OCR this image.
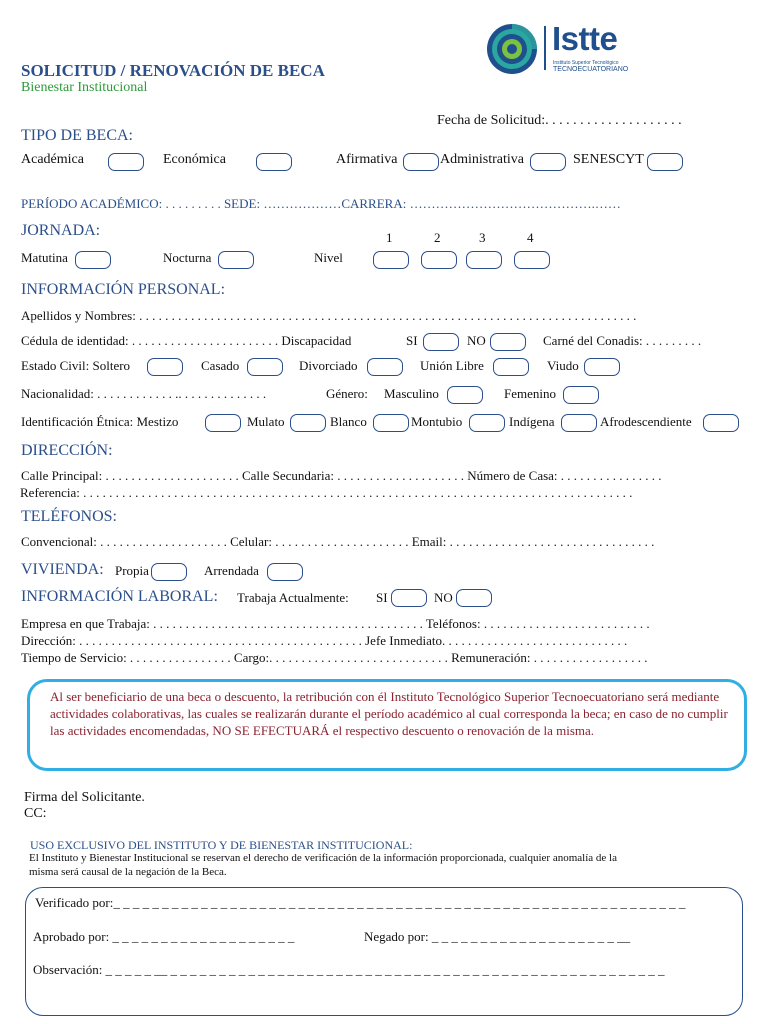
SOLICITUD / RENOVACIÓN DE BECA
Bienestar Institucional
Istte
Instituto Superior Tecnológico
TECNOECUATORIANO
Fecha de Solicitud:. . . . . . . . . . . . . . . . . . . .
TIPO DE BECA:
Académica	Económica	Afirmativa	Administrativa	SENESCYT
PERÍODO ACADÉMICO: . . . . . . . . . SEDE: ………………CARRERA: …………………………………….……
JORNADA:	1	2	3	4
Matutina	Nocturna	Nivel
INFORMACIÓN PERSONAL:
Apellidos y Nombres: . . . . . . . . . . . . . . . . . . . . . . . . . . . . . . . . . . . . . . . . . . . . . . . . . . . . . . . . . . . . . . . . . . . . . . . . . . . . .
Cédula de identidad: . . . . . . . . . . . . . . . . . . . . . . . Discapacidad	SI	NO	Carné del Conadis: . . . . . . . . .
Estado Civil: Soltero	Casado	Divorciado	Unión Libre	Viudo
Nacionalidad: . . . . . . . . . . . . .. . . . . . . . . . . . . .	Género: Masculino	Femenino
Identificación Étnica: Mestizo	Mulato	Blanco	Montubio	Indígena	Afrodescendiente
DIRECCIÓN:
Calle Principal: . . . . . . . . . . . . . . . . . . . . . Calle Secundaria: . . . . . . . . . . . . . . . . . . . . Número de Casa: . . . . . . . . . . . . . . . .
Referencia: . . . . . . . . . . . . . . . . . . . . . . . . . . . . . . . . . . . . . . . . . . . . . . . . . . . . . . . . . . . . . . . . . . . . . . . . . . . . . . . . . . . . .
TELÉFONOS:
Convencional: . . . . . . . . . . . . . . . . . . . . Celular: . . . . . . . . . . . . . . . . . . . . . Email: . . . . . . . . . . . . . . . . . . . . . . . . . . . . . . . .
VIVIENDA: Propia	Arrendada
INFORMACIÓN LABORAL: Trabaja Actualmente: SI	NO
Empresa en que Trabaja: . . . . . . . . . . . . . . . . . . . . . . . . . . . . . . . . . . . . . . . . . . Teléfonos: . . . . . . . . . . . . . . . . . . . . . . . . . .
Dirección: . . . . . . . . . . . . . . . . . . . . . . . . . . . . . . . . . . . . . . . . . . . . Jefe Inmediato. . . . . . . . . . . . . . . . . . . . . . . . . . . . .
Tiempo de Servicio: . . . . . . . . . . . . . . . . Cargo:. . . . . . . . . . . . . . . . . . . . . . . . . . . . Remuneración: . . . . . . . . . . . . . . . . . .
Al ser beneficiario de una beca o descuento, la retribución con él Instituto Tecnológico Superior Tecnoecuatoriano será mediante actividades colaborativas, las cuales se realizarán durante el período académico al cual corresponda la beca; en caso de no cumplir las actividades encomendadas, NO SE EFECTUARÁ el respectivo descuento o renovación de la misma.
Firma del Solicitante.
CC:
USO EXCLUSIVO DEL INSTITUTO Y DE BIENESTAR INSTITUCIONAL:
El Instituto y Bienestar Institucional se reservan el derecho de verificación de la información proporcionada, cualquier anomalía de la
misma será causal de la negación de la Beca.
Verificado por:_ _ _ _ _ _ _ _ _ _ _ _ _ _ _ _ _ _ _ _ _ _ _ _ _ _ _ _ _ _ _ _ _ _ _ _ _ _ _ _ _ _ _ _ _ _ _ _ _ _ _ _ _ _ _ _ _ _ _
Aprobado por: _ _ _ _ _ _ _ _ _ _ _ _ _ _ _ _ _ _ _	Negado por: _ _ _ _ _ _ _ _ _ _ _ _ _ _ _ _ _ _ _ __
Observación: _ _ _ _ _ __ _ _ _ _ _ _ _ _ _ _ _ _ _ _ _ _ _ _ _ _ _ _ _ _ _ _ _ _ _ _ _ _ _ _ _ _ _ _ _ _ _ _ _ _ _ _ _ _ _ _ _
